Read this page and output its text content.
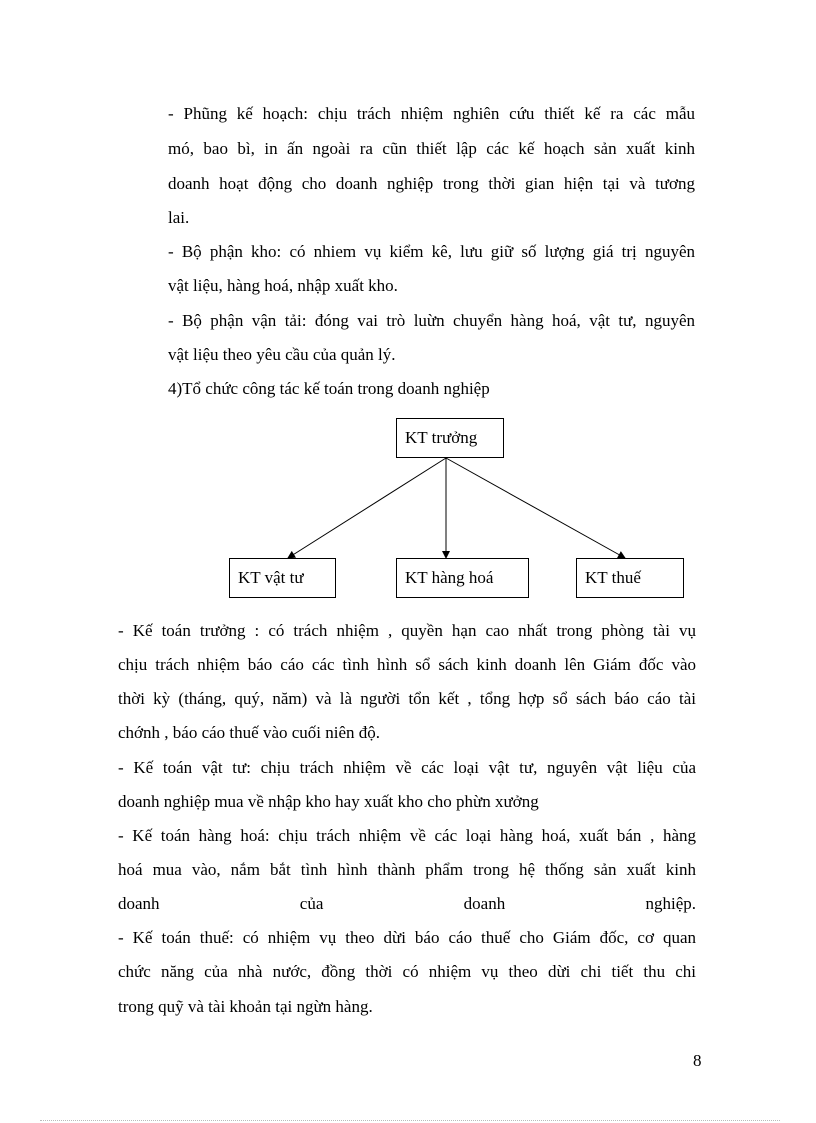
- Phũng kế hoạch: chịu trách nhiệm nghiên cứu thiết kế ra các mẫu
mó, bao bì, in ấn ngoài ra cũn thiết lập các kế hoạch sản xuất kinh
doanh hoạt động cho doanh nghiệp trong thời gian hiện tại và tương
lai.
- Bộ phận kho: có nhiem vụ kiểm kê, lưu giữ số lượng giá trị nguyên
vật liệu, hàng hoá, nhập xuất kho.
- Bộ phận vận tải: đóng vai trò luừn chuyển hàng hoá, vật tư, nguyên
vật liệu theo yêu cầu của quản lý.
4)Tổ chức công tác kế toán trong doanh nghiệp
KT trưởng
KT vật tư	KT hàng hoá	KT thuế
- Kế toán trưởng : có trách nhiệm , quyền hạn cao nhất trong phòng tài vụ
chịu trách nhiệm báo cáo các tình hình sổ sách kinh doanh lên Giám đốc vào
thời kỳ (tháng, quý, năm) và là người tổn kết , tổng hợp sổ sách báo cáo tài
chớnh , báo cáo thuế vào cuối niên độ.
- Kế toán vật tư: chịu trách nhiệm về các loại vật tư, nguyên vật liệu của
doanh nghiệp mua về nhập kho hay xuất kho cho phừn xưởng
- Kế toán hàng hoá: chịu trách nhiệm về các loại hàng hoá, xuất bán , hàng
hoá mua vào, nắm bắt tình hình thành phẩm trong hệ thống sản xuất kinh
doanh của doanh nghiệp.
- Kế toán thuế: có nhiệm vụ theo dừi báo cáo thuế cho Giám đốc, cơ quan
chức năng của nhà nước, đồng thời có nhiệm vụ theo dừi chi tiết thu chi
trong quỹ và tài khoản tại ngừn hàng.
8
